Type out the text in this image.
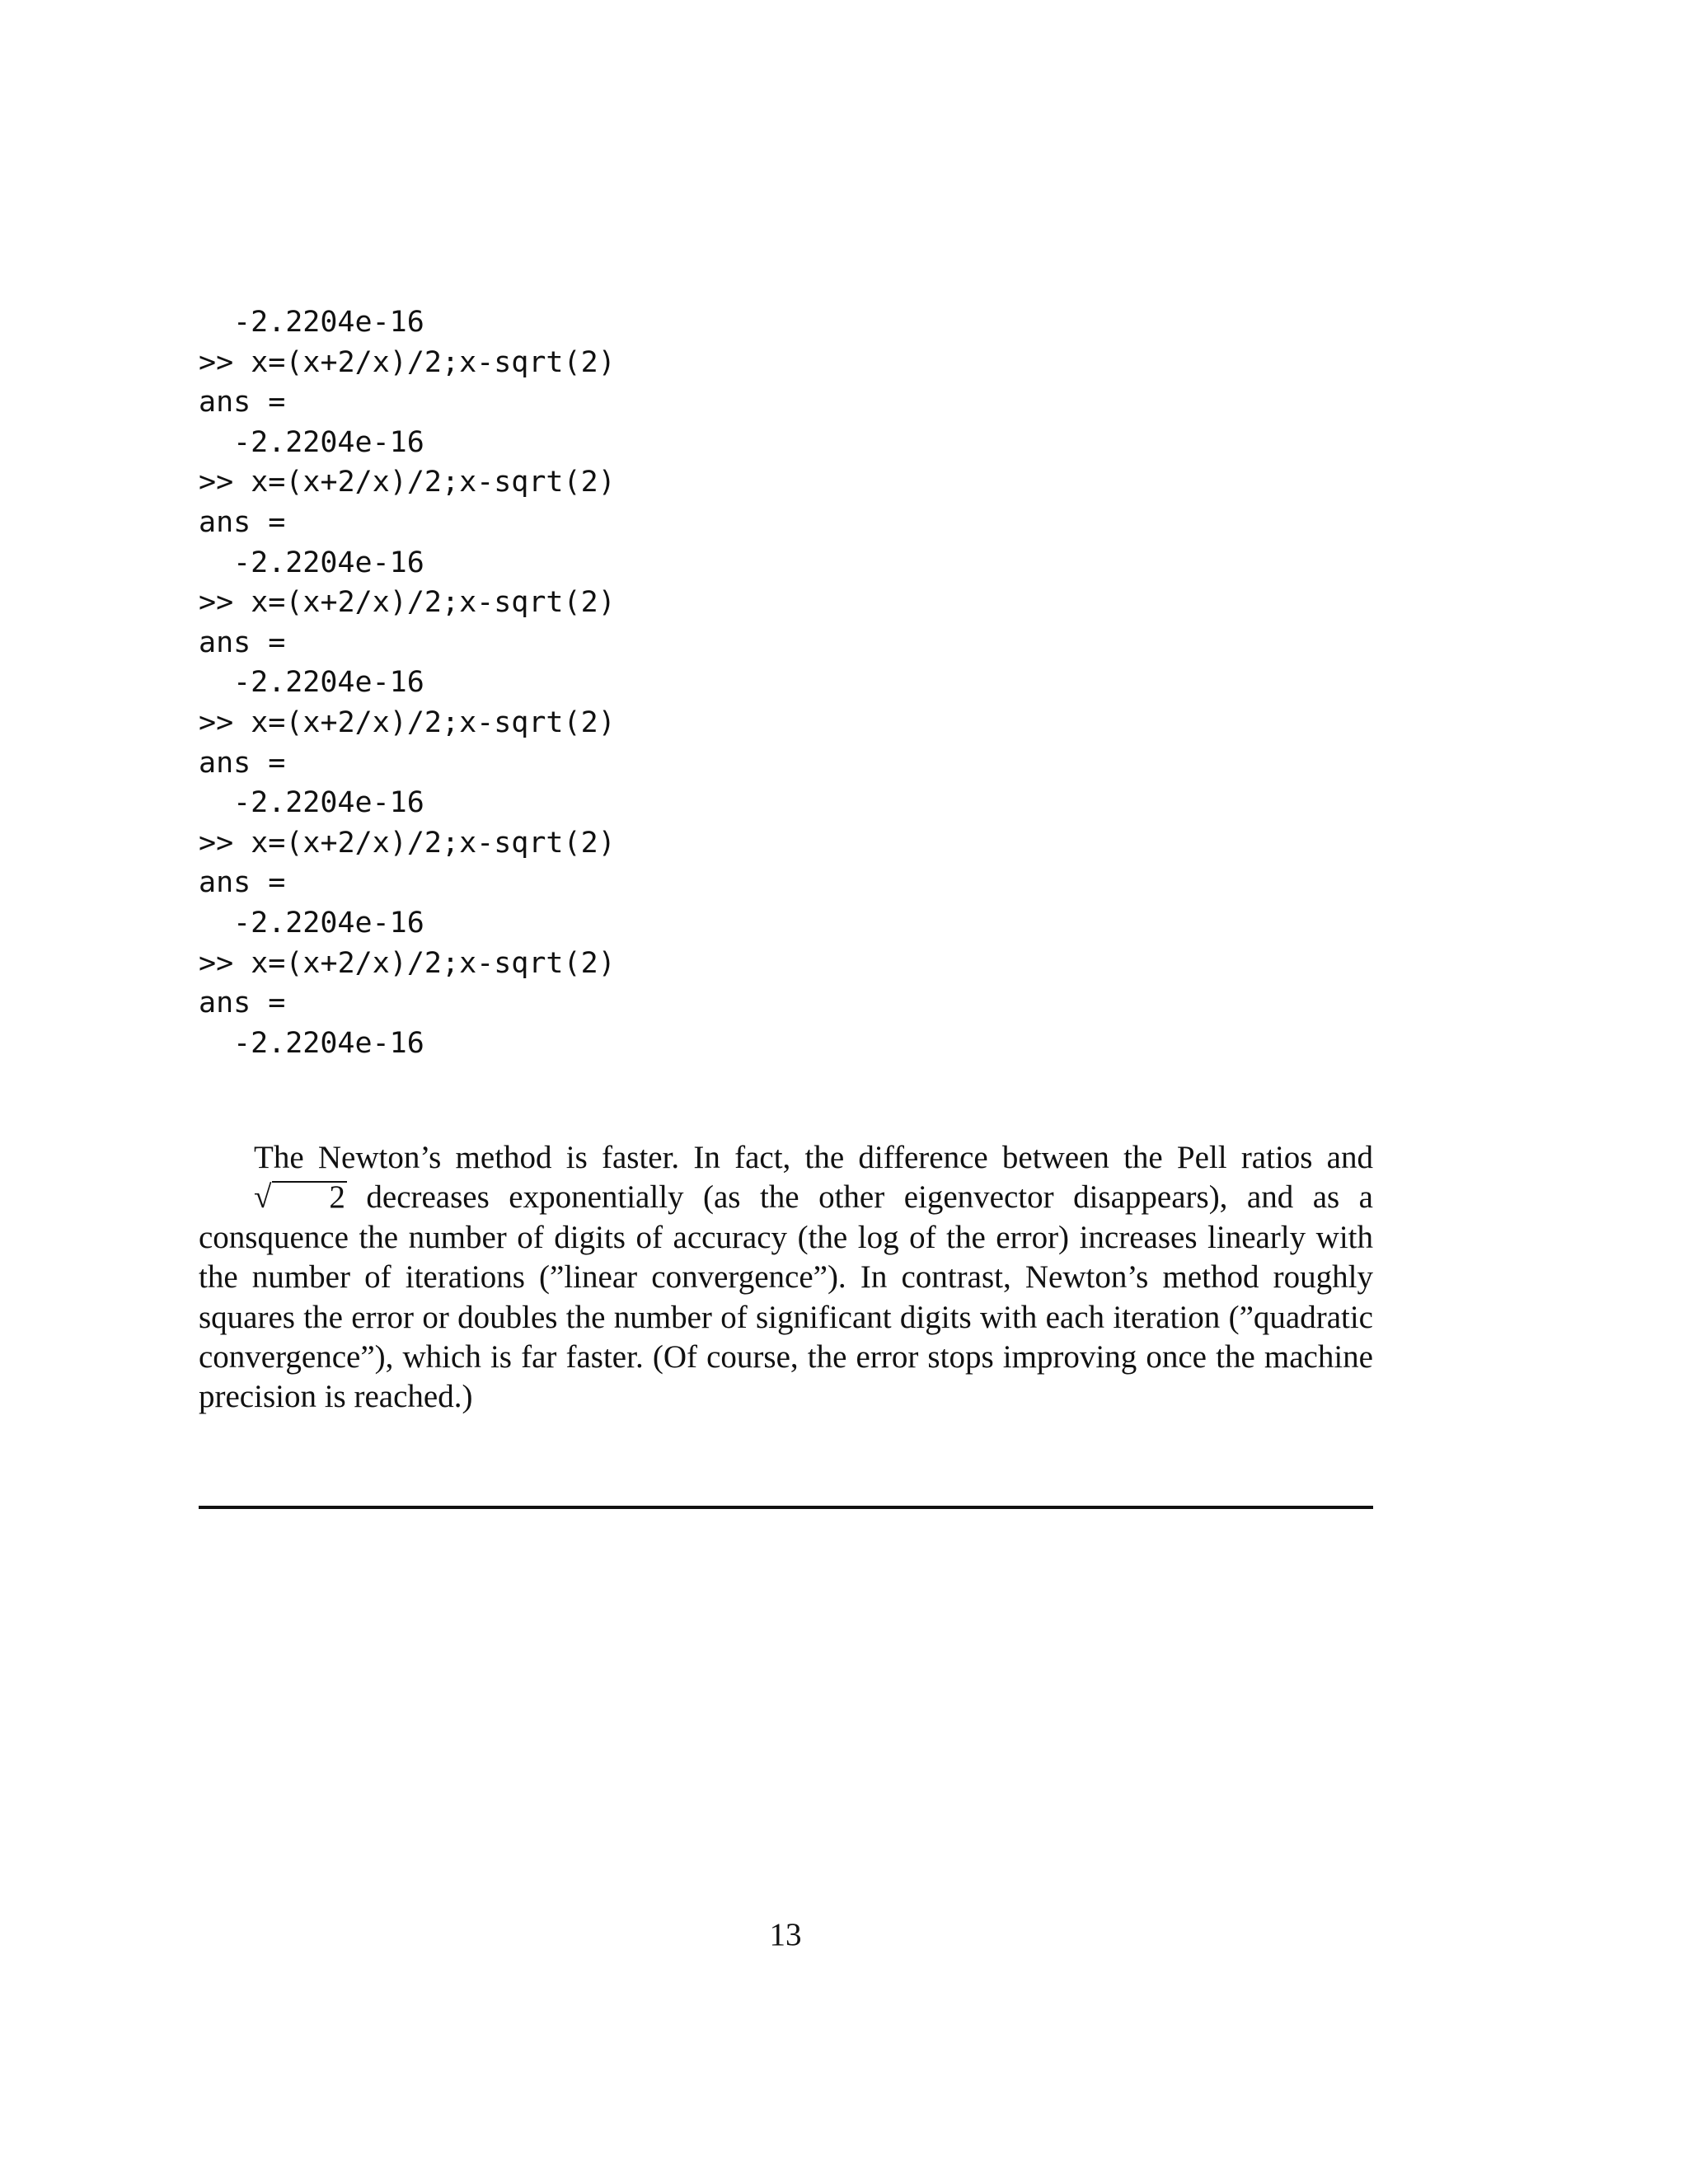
-2.2204e-16
>> x=(x+2/x)/2;x-sqrt(2)
ans =
-2.2204e-16
>> x=(x+2/x)/2;x-sqrt(2)
ans =
-2.2204e-16
>> x=(x+2/x)/2;x-sqrt(2)
ans =
-2.2204e-16
>> x=(x+2/x)/2;x-sqrt(2)
ans =
-2.2204e-16
>> x=(x+2/x)/2;x-sqrt(2)
ans =
-2.2204e-16
>> x=(x+2/x)/2;x-sqrt(2)
ans =
-2.2204e-16

The Newton’s method is faster. In fact, the difference between the Pell ratios and √ 2 decreases exponentially (as the other eigenvector disappears), and as a consquence the number of digits of accuracy (the log of the error) increases linearly with the number of iterations (”linear convergence”). In contrast, Newton’s method roughly squares the error or doubles the number of significant digits with each iteration (”quadratic convergence”), which is far faster. (Of course, the error stops improving once the machine precision is reached.)

13
